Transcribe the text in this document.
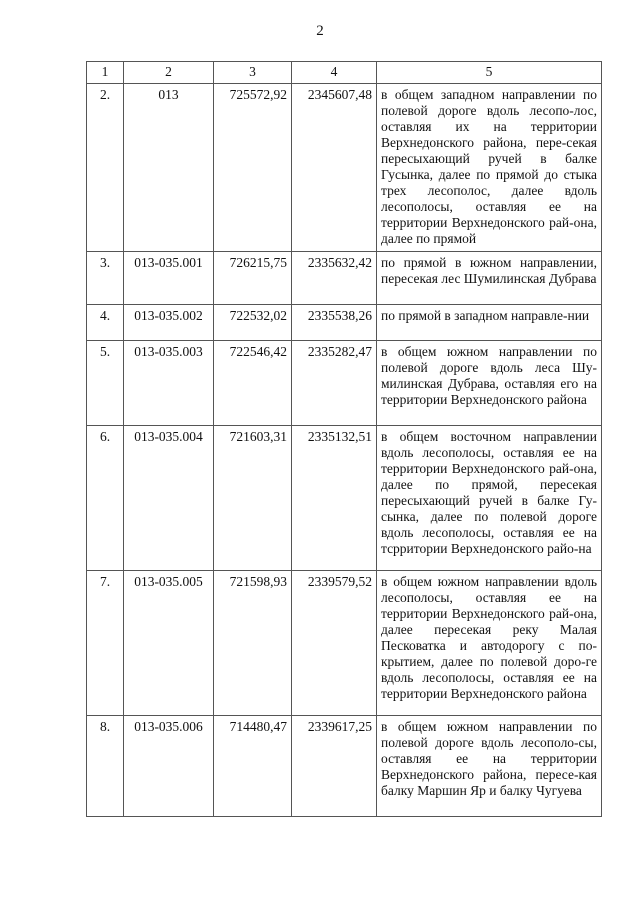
2
1	2	3	4	5
2.	013	725572,92	2345607,48	в общем западном направлении по полевой дороге вдоль лесопо-лос, оставляя их на территории Верхнедонского района, пере-секая пересыхающий ручей в балке Гусынка, далее по прямой до стыка трех лесополос, далее вдоль лесополосы, оставляя ее на территории Верхнедонского рай-она, далее по прямой
3.	013-035.001	726215,75	2335632,42	по прямой в южном направлении, пересекая лес Шумилинская Дубрава
4.	013-035.002	722532,02	2335538,26	по прямой в западном направле-нии
5.	013-035.003	722546,42	2335282,47	в общем южном направлении по полевой дороге вдоль леса Шу-милинская Дубрава, оставляя его на территории Верхнедонского района
6.	013-035.004	721603,31	2335132,51	в общем восточном направлении вдоль лесополосы, оставляя ее на территории Верхнедонского рай-она, далее по прямой, пересекая пересыхающий ручей в балке Гу-сынка, далее по полевой дороге вдоль лесополосы, оставляя ее на тсрритории Верхнедонского райо-на
7.	013-035.005	721598,93	2339579,52	в общем южном направлении вдоль лесополосы, оставляя ее на территории Верхнедонского рай-она, далее пересекая реку Малая Песковатка и автодорогу с по-крытием, далее по полевой доро-ге вдоль лесополосы, оставляя ее на территории Верхнедонского района
8.	013-035.006	714480,47	2339617,25	в общем южном направлении по полевой дороге вдоль лесополо-сы, оставляя ее на территории Верхнедонского района, пересе-кая балку Маршин Яр и балку Чугуева
